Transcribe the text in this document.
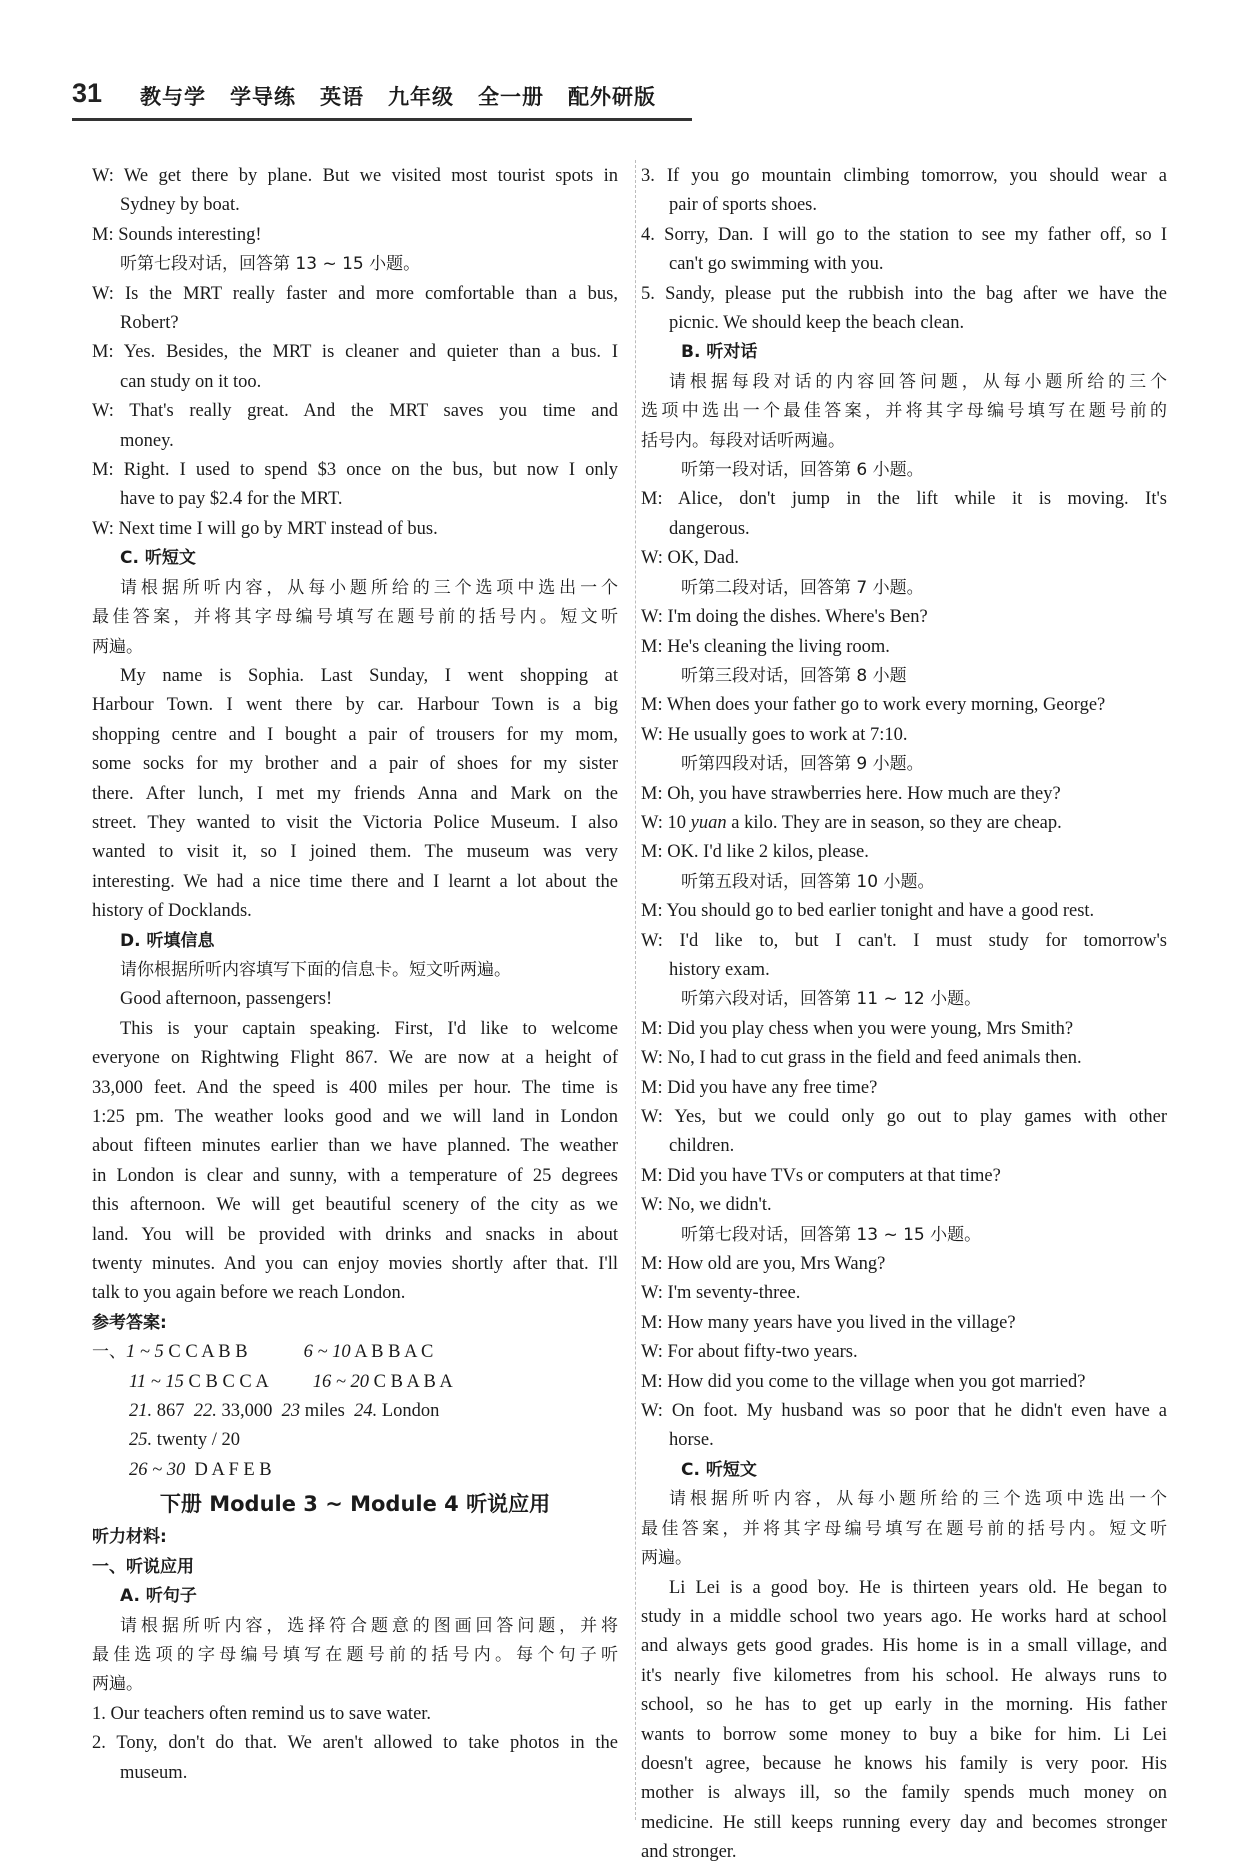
31 教与学 学导练 英语 九年级 全一册 配外研版
W: We get there by plane. But we visited most tourist spots in
Sydney by boat.
M: Sounds interesting!
听第七段对话，回答第 13 ~ 15 小题。
W: Is the MRT really faster and more comfortable than a bus,
Robert?
M: Yes. Besides, the MRT is cleaner and quieter than a bus. I
can study on it too.
W: That's really great. And the MRT saves you time and
money.
M: Right. I used to spend $3 once on the bus, but now I only
have to pay $2.4 for the MRT.
W: Next time I will go by MRT instead of bus.
C. 听短文
请根据所听内容，从每小题所给的三个选项中选出一个
最佳答案，并将其字母编号填写在题号前的括号内。短文听
两遍。
My name is Sophia. Last Sunday, I went shopping at
Harbour Town. I went there by car. Harbour Town is a big
shopping centre and I bought a pair of trousers for my mom,
some socks for my brother and a pair of shoes for my sister
there. After lunch, I met my friends Anna and Mark on the
street. They wanted to visit the Victoria Police Museum. I also
wanted to visit it, so I joined them. The museum was very
interesting. We had a nice time there and I learnt a lot about the
history of Docklands.
D. 听填信息
请你根据所听内容填写下面的信息卡。短文听两遍。
Good afternoon, passengers!
This is your captain speaking. First, I'd like to welcome
everyone on Rightwing Flight 867. We are now at a height of
33,000 feet. And the speed is 400 miles per hour. The time is
1:25 pm. The weather looks good and we will land in London
about fifteen minutes earlier than we have planned. The weather
in London is clear and sunny, with a temperature of 25 degrees
this afternoon. We will get beautiful scenery of the city as we
land. You will be provided with drinks and snacks in about
twenty minutes. And you can enjoy movies shortly after that. I'll
talk to you again before we reach London.
参考答案:
一、1 ~ 5 C C A B B	6 ~ 10 A B B A C
11 ~ 15 C B C C A 16 ~ 20 C B A B A
21. 867  22. 33,000  23 miles  24. London
25. twenty / 20
26 ~ 30  D A F E B
下册 Module 3 ~ Module 4 听说应用
听力材料:
一、听说应用
A. 听句子
请根据所听内容，选择符合题意的图画回答问题，并将
最佳选项的字母编号填写在题号前的括号内。每个句子听
两遍。
1. Our teachers often remind us to save water.
2. Tony, don't do that. We aren't allowed to take photos in the
museum.
3. If you go mountain climbing tomorrow, you should wear a
pair of sports shoes.
4. Sorry, Dan. I will go to the station to see my father off, so I
can't go swimming with you.
5. Sandy, please put the rubbish into the bag after we have the
picnic. We should keep the beach clean.
B. 听对话
请根据每段对话的内容回答问题，从每小题所给的三个
选项中选出一个最佳答案，并将其字母编号填写在题号前的
括号内。每段对话听两遍。
听第一段对话，回答第 6 小题。
M: Alice, don't jump in the lift while it is moving. It's
dangerous.
W: OK, Dad.
听第二段对话，回答第 7 小题。
W: I'm doing the dishes. Where's Ben?
M: He's cleaning the living room.
听第三段对话，回答第 8 小题
M: When does your father go to work every morning, George?
W: He usually goes to work at 7:10.
听第四段对话，回答第 9 小题。
M: Oh, you have strawberries here. How much are they?
W: 10 yuan a kilo. They are in season, so they are cheap.
M: OK. I'd like 2 kilos, please.
听第五段对话，回答第 10 小题。
M: You should go to bed earlier tonight and have a good rest.
W: I'd like to, but I can't. I must study for tomorrow's
history exam.
听第六段对话，回答第 11 ~ 12 小题。
M: Did you play chess when you were young, Mrs Smith?
W: No, I had to cut grass in the field and feed animals then.
M: Did you have any free time?
W: Yes, but we could only go out to play games with other
children.
M: Did you have TVs or computers at that time?
W: No, we didn't.
听第七段对话，回答第 13 ~ 15 小题。
M: How old are you, Mrs Wang?
W: I'm seventy-three.
M: How many years have you lived in the village?
W: For about fifty-two years.
M: How did you come to the village when you got married?
W: On foot. My husband was so poor that he didn't even have a
horse.
C. 听短文
请根据所听内容，从每小题所给的三个选项中选出一个
最佳答案，并将其字母编号填写在题号前的括号内。短文听
两遍。
Li Lei is a good boy. He is thirteen years old. He began to
study in a middle school two years ago. He works hard at school
and always gets good grades. His home is in a small village, and
it's nearly five kilometres from his school. He always runs to
school, so he has to get up early in the morning. His father
wants to borrow some money to buy a bike for him. Li Lei
doesn't agree, because he knows his family is very poor. His
mother is always ill, so the family spends much money on
medicine. He still keeps running every day and becomes stronger
and stronger.
